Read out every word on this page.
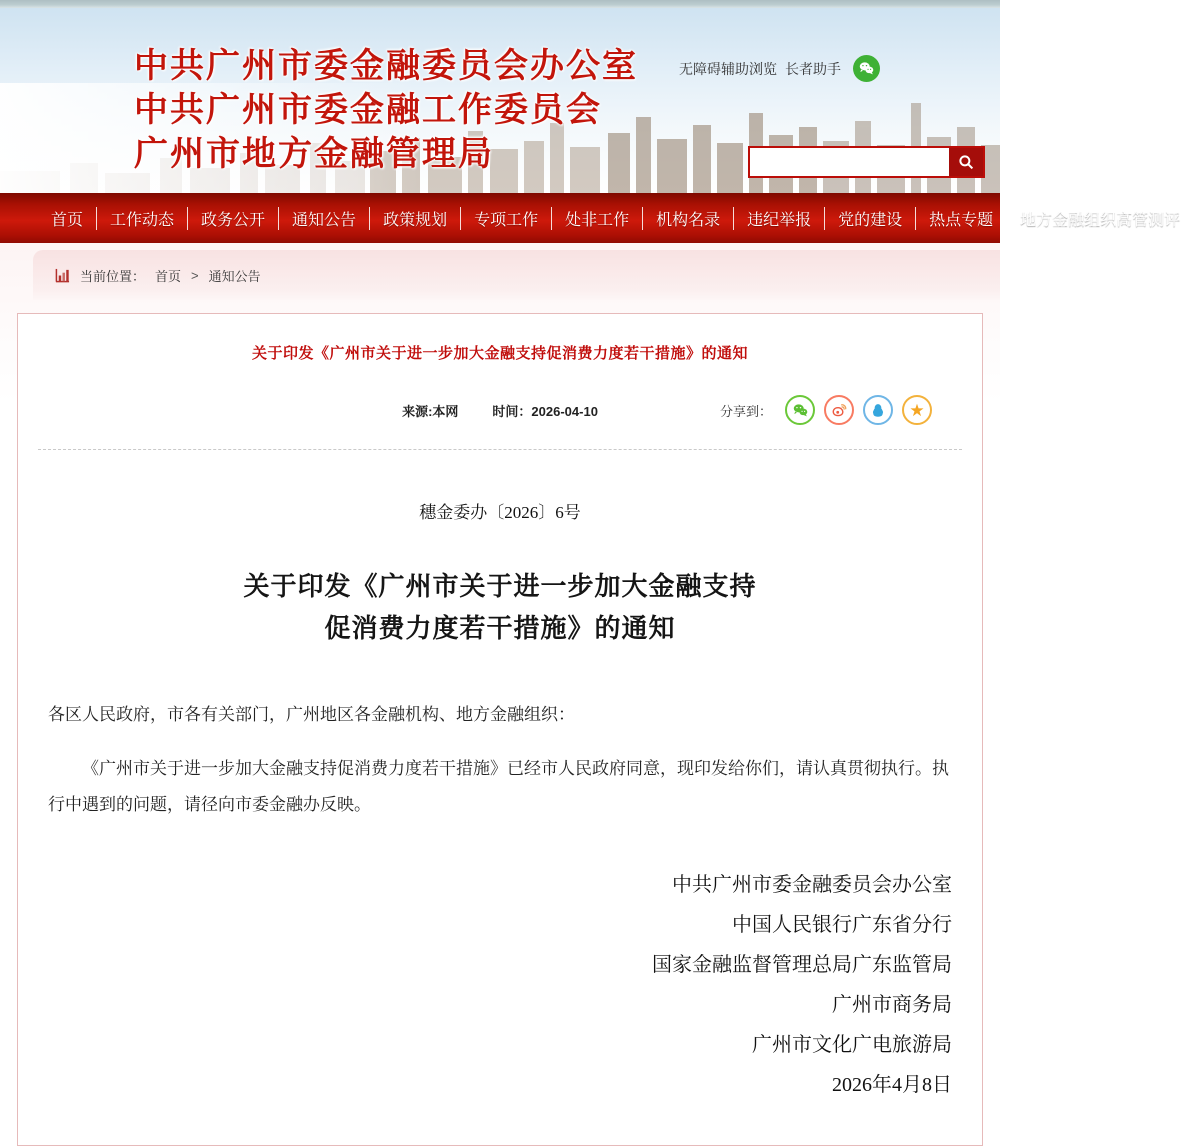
中共广州市委金融委员会办公室
中共广州市委金融工作委员会
广州市地方金融管理局
无障碍辅助浏览 长者助手
首页	工作动态	政务公开	通知公告	政策规划	专项工作	处非工作	机构名录	违纪举报	党的建设	热点专题	地方金融组织高管测评
当前位置： 首页 > 通知公告
关于印发《广州市关于进一步加大金融支持促消费力度若干措施》的通知
来源:本网	时间：2026-04-10	分享到：	★
穗金委办〔2026〕6号
关于印发《广州市关于进一步加大金融支持
促消费力度若干措施》的通知
各区人民政府，市各有关部门，广州地区各金融机构、地方金融组织：
《广州市关于进一步加大金融支持促消费力度若干措施》已经市人民政府同意，现印发给你们，请认真贯彻执行。执行中遇到的问题，请径向市委金融办反映。
中共广州市委金融委员会办公室
中国人民银行广东省分行
国家金融监督管理总局广东监管局
广州市商务局
广州市文化广电旅游局
2026年4月8日
